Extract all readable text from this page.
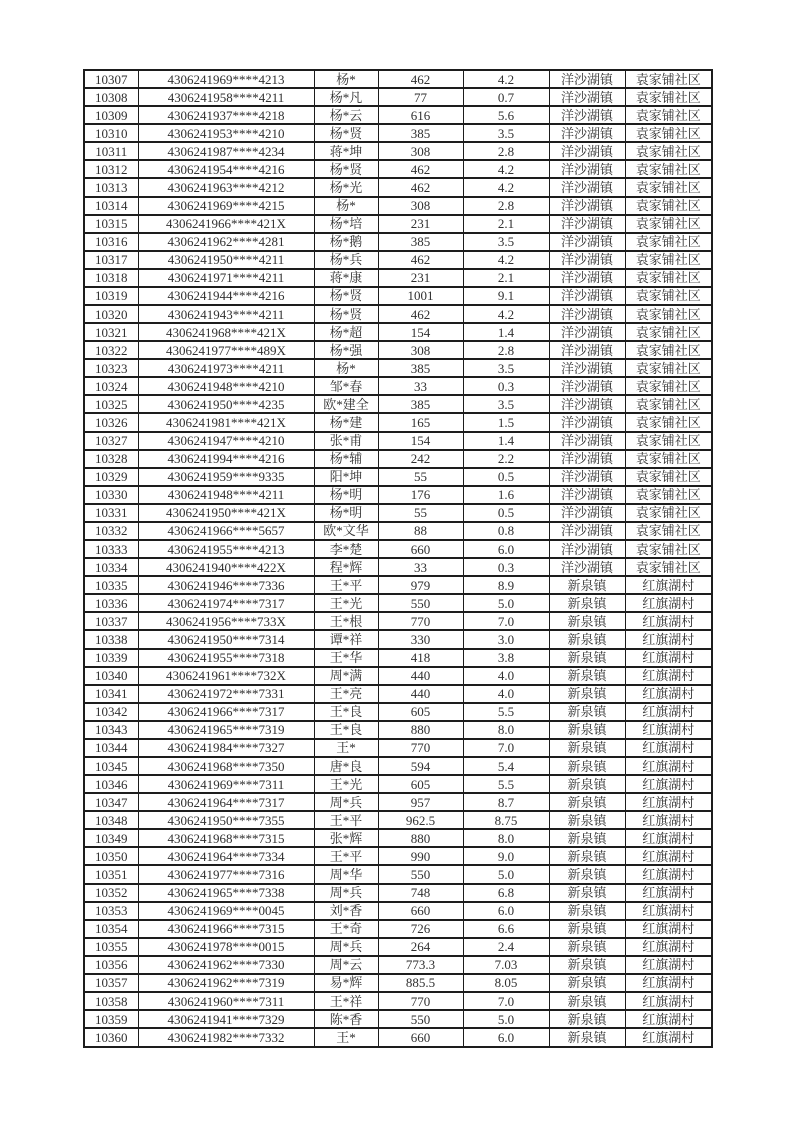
10307	4306241969****4213	杨*	462	4.2	洋沙湖镇	袁家铺社区
10308	4306241958****4211	杨*凡	77	0.7	洋沙湖镇	袁家铺社区
10309	4306241937****4218	杨*云	616	5.6	洋沙湖镇	袁家铺社区
10310	4306241953****4210	杨*贤	385	3.5	洋沙湖镇	袁家铺社区
10311	4306241987****4234	蒋*坤	308	2.8	洋沙湖镇	袁家铺社区
10312	4306241954****4216	杨*贤	462	4.2	洋沙湖镇	袁家铺社区
10313	4306241963****4212	杨*光	462	4.2	洋沙湖镇	袁家铺社区
10314	4306241969****4215	杨*	308	2.8	洋沙湖镇	袁家铺社区
10315	4306241966****421X	杨*培	231	2.1	洋沙湖镇	袁家铺社区
10316	4306241962****4281	杨*鹅	385	3.5	洋沙湖镇	袁家铺社区
10317	4306241950****4211	杨*兵	462	4.2	洋沙湖镇	袁家铺社区
10318	4306241971****4211	蒋*康	231	2.1	洋沙湖镇	袁家铺社区
10319	4306241944****4216	杨*贤	1001	9.1	洋沙湖镇	袁家铺社区
10320	4306241943****4211	杨*贤	462	4.2	洋沙湖镇	袁家铺社区
10321	4306241968****421X	杨*超	154	1.4	洋沙湖镇	袁家铺社区
10322	4306241977****489X	杨*强	308	2.8	洋沙湖镇	袁家铺社区
10323	4306241973****4211	杨*	385	3.5	洋沙湖镇	袁家铺社区
10324	4306241948****4210	邹*春	33	0.3	洋沙湖镇	袁家铺社区
10325	4306241950****4235	欧*建全	385	3.5	洋沙湖镇	袁家铺社区
10326	4306241981****421X	杨*建	165	1.5	洋沙湖镇	袁家铺社区
10327	4306241947****4210	张*甫	154	1.4	洋沙湖镇	袁家铺社区
10328	4306241994****4216	杨*辅	242	2.2	洋沙湖镇	袁家铺社区
10329	4306241959****9335	阳*坤	55	0.5	洋沙湖镇	袁家铺社区
10330	4306241948****4211	杨*明	176	1.6	洋沙湖镇	袁家铺社区
10331	4306241950****421X	杨*明	55	0.5	洋沙湖镇	袁家铺社区
10332	4306241966****5657	欧*文华	88	0.8	洋沙湖镇	袁家铺社区
10333	4306241955****4213	李*楚	660	6.0	洋沙湖镇	袁家铺社区
10334	4306241940****422X	程*辉	33	0.3	洋沙湖镇	袁家铺社区
10335	4306241946****7336	王*平	979	8.9	新泉镇	红旗湖村
10336	4306241974****7317	王*光	550	5.0	新泉镇	红旗湖村
10337	4306241956****733X	王*根	770	7.0	新泉镇	红旗湖村
10338	4306241950****7314	谭*祥	330	3.0	新泉镇	红旗湖村
10339	4306241955****7318	王*华	418	3.8	新泉镇	红旗湖村
10340	4306241961****732X	周*满	440	4.0	新泉镇	红旗湖村
10341	4306241972****7331	王*亮	440	4.0	新泉镇	红旗湖村
10342	4306241966****7317	王*良	605	5.5	新泉镇	红旗湖村
10343	4306241965****7319	王*良	880	8.0	新泉镇	红旗湖村
10344	4306241984****7327	王*	770	7.0	新泉镇	红旗湖村
10345	4306241968****7350	唐*良	594	5.4	新泉镇	红旗湖村
10346	4306241969****7311	王*光	605	5.5	新泉镇	红旗湖村
10347	4306241964****7317	周*兵	957	8.7	新泉镇	红旗湖村
10348	4306241950****7355	王*平	962.5	8.75	新泉镇	红旗湖村
10349	4306241968****7315	张*辉	880	8.0	新泉镇	红旗湖村
10350	4306241964****7334	王*平	990	9.0	新泉镇	红旗湖村
10351	4306241977****7316	周*华	550	5.0	新泉镇	红旗湖村
10352	4306241965****7338	周*兵	748	6.8	新泉镇	红旗湖村
10353	4306241969****0045	刘*香	660	6.0	新泉镇	红旗湖村
10354	4306241966****7315	王*奇	726	6.6	新泉镇	红旗湖村
10355	4306241978****0015	周*兵	264	2.4	新泉镇	红旗湖村
10356	4306241962****7330	周*云	773.3	7.03	新泉镇	红旗湖村
10357	4306241962****7319	易*辉	885.5	8.05	新泉镇	红旗湖村
10358	4306241960****7311	王*祥	770	7.0	新泉镇	红旗湖村
10359	4306241941****7329	陈*香	550	5.0	新泉镇	红旗湖村
10360	4306241982****7332	王*	660	6.0	新泉镇	红旗湖村
